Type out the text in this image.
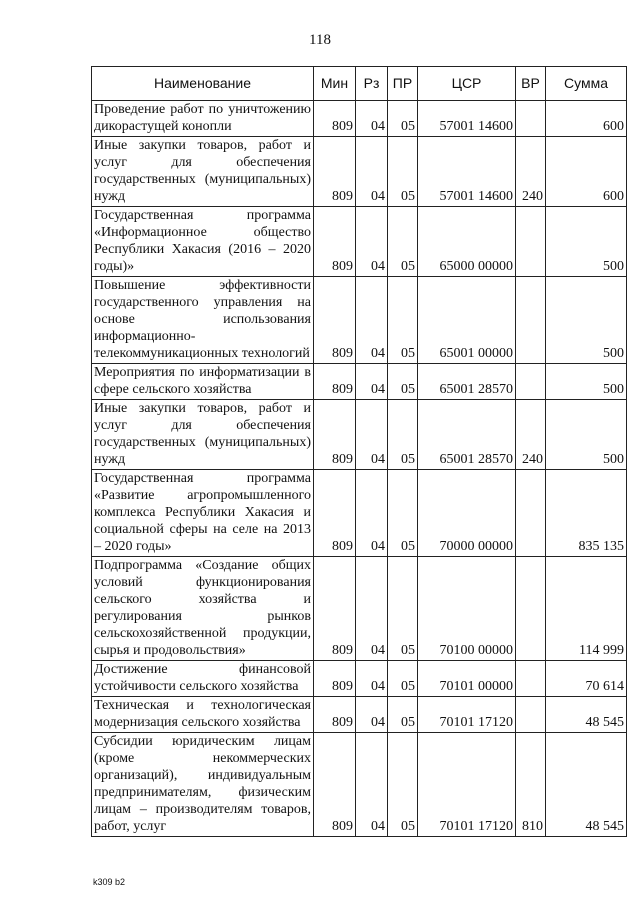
118
Наименование	Мин	Рз	ПР	ЦСР	ВР	Сумма
Проведение работ по уничтожению дикорастущей конопли	809	04	05	57001 14600		600
Иные закупки товаров, работ и услуг для обеспечения государственных (муниципальных) нужд	809	04	05	57001 14600	240	600
Государственная программа «Информационное общество Республики Хакасия (2016 – 2020 годы)»	809	04	05	65000 00000		500
Повышение эффективности государственного управления на основе использования информационно-телекоммуникационных технологий	809	04	05	65001 00000		500
Мероприятия по информатизации в сфере сельского хозяйства	809	04	05	65001 28570		500
Иные закупки товаров, работ и услуг для обеспечения государственных (муниципальных) нужд	809	04	05	65001 28570	240	500
Государственная программа «Развитие агропромышленного комплекса Республики Хакасия и социальной сферы на селе на 2013 – 2020 годы»	809	04	05	70000 00000		835 135
Подпрограмма «Создание общих условий функционирования сельского хозяйства и регулирования рынков сельскохозяйственной продукции, сырья и продовольствия»	809	04	05	70100 00000		114 999
Достижение финансовой устойчивости сельского хозяйства	809	04	05	70101 00000		70 614
Техническая и технологическая модернизация сельского хозяйства	809	04	05	70101 17120		48 545
Субсидии юридическим лицам (кроме некоммерческих организаций), индивидуальным предпринимателям, физическим лицам – производителям товаров, работ, услуг	809	04	05	70101 17120	810	48 545
k309 b2
